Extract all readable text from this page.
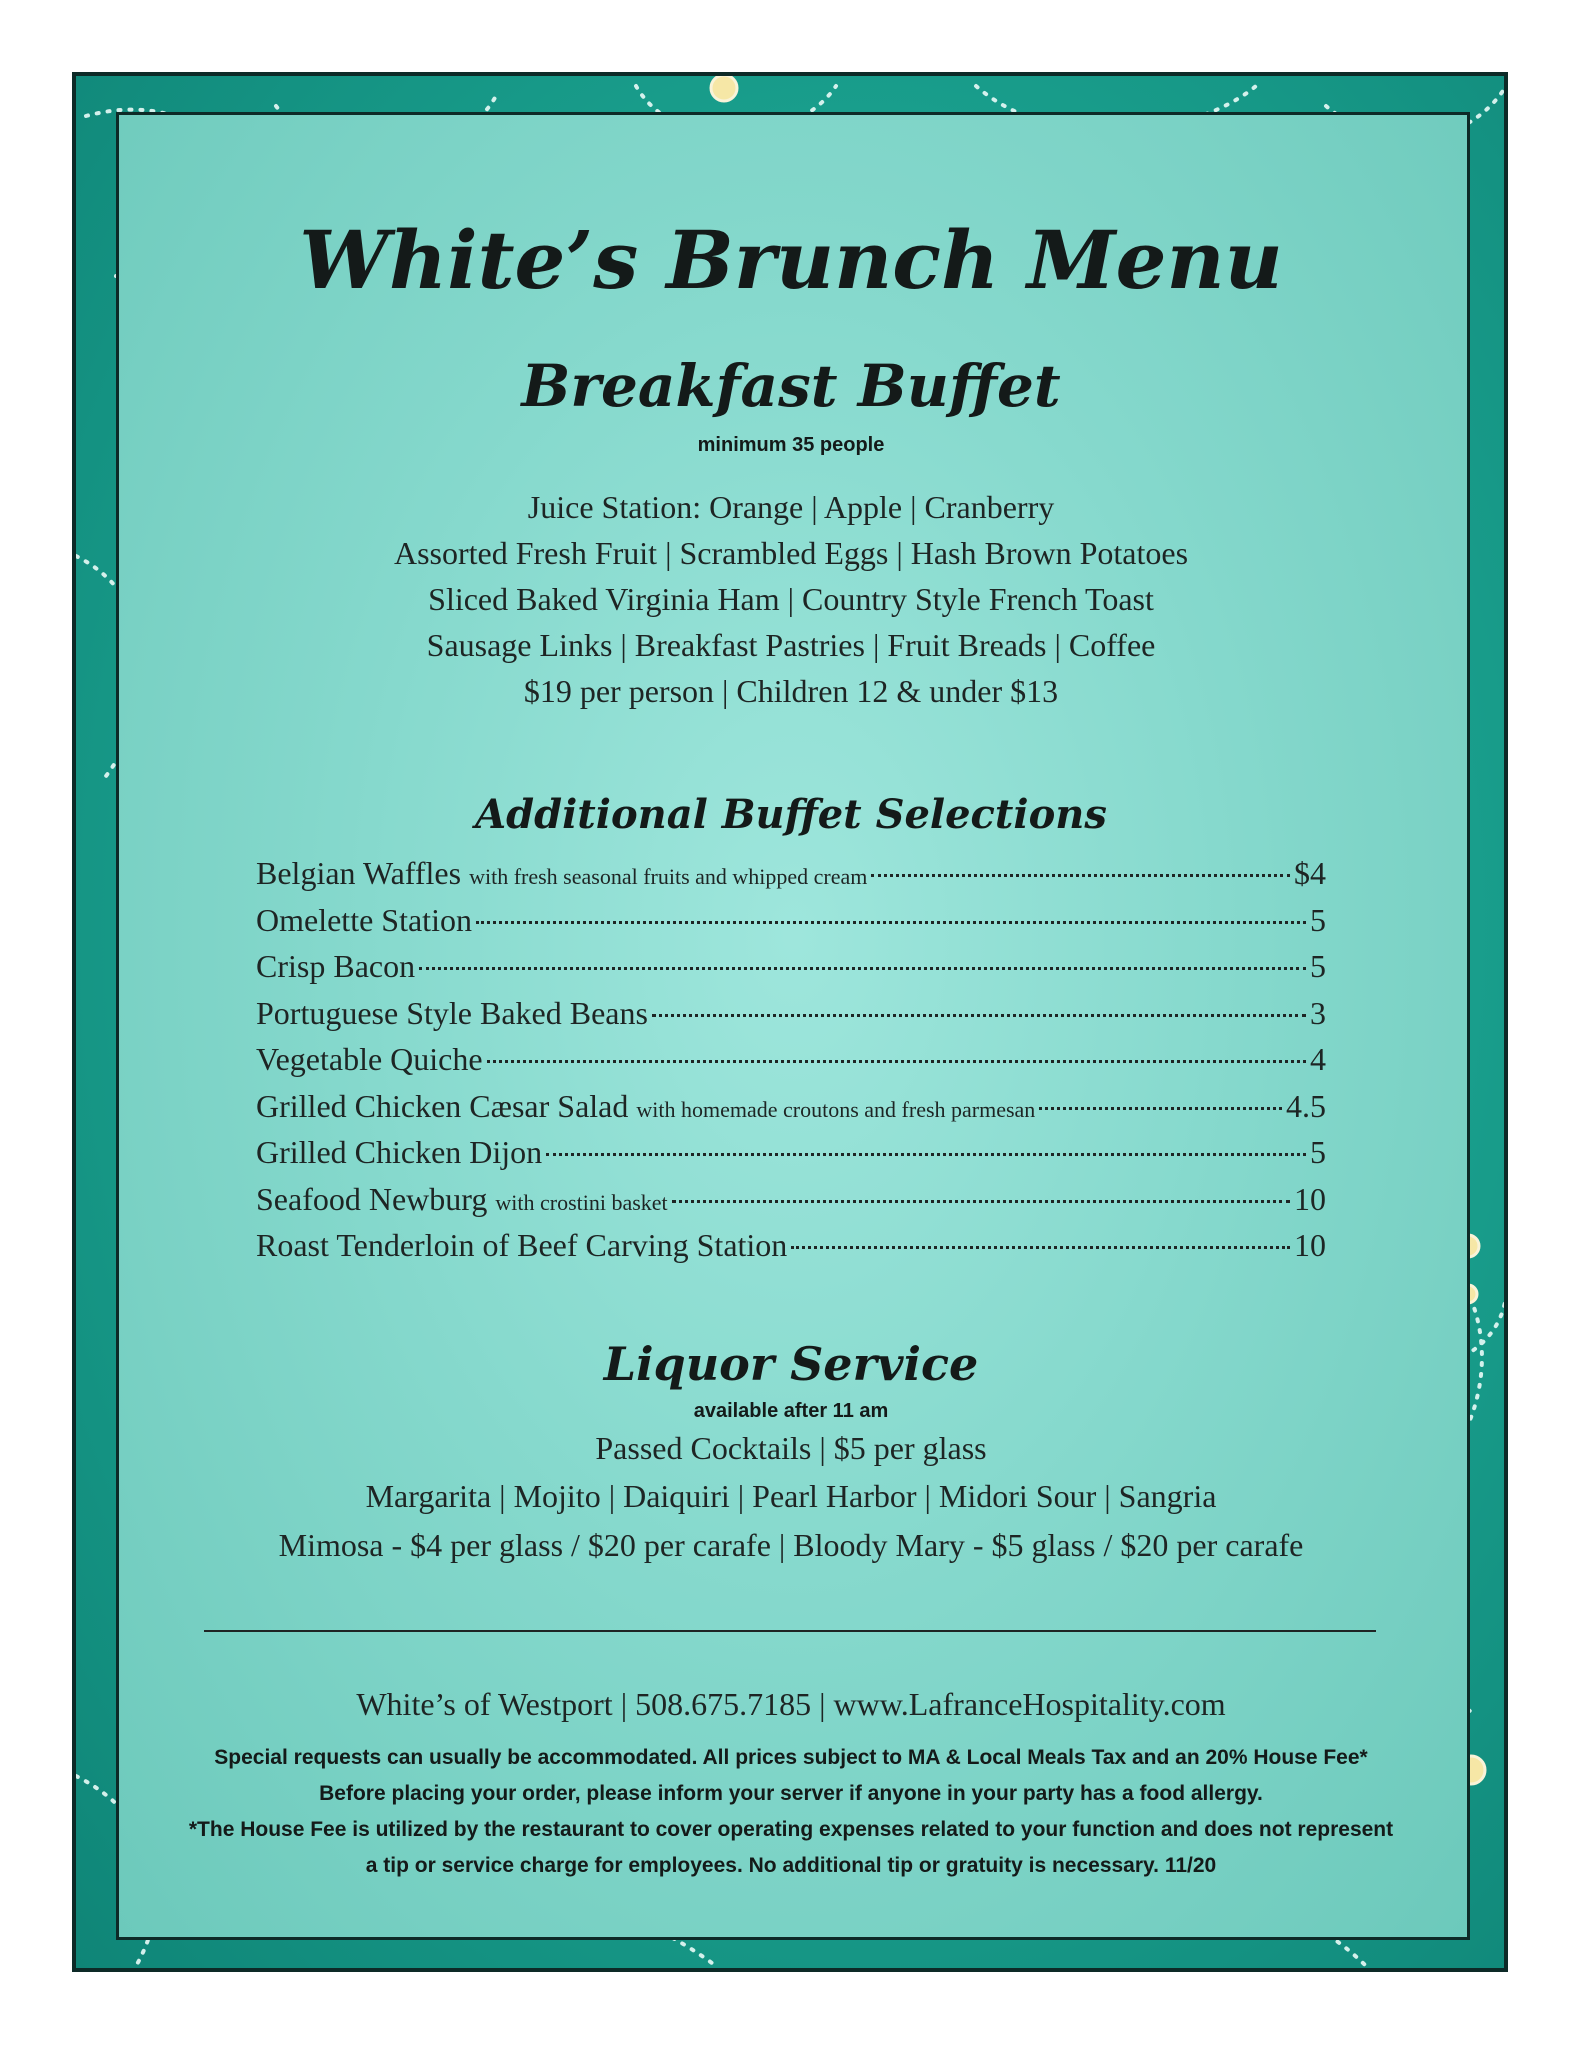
White’s Brunch Menu
Breakfast Buffet

minimum 35 people

Juice Station: Orange | Apple | Cranberry

Assorted Fresh Fruit | Scrambled Eggs | Hash Brown Potatoes

Sliced Baked Virginia Ham | Country Style French Toast

Sausage Links | Breakfast Pastries | Fruit Breads | Coffee

$19 per person | Children 12 & under $13

Additional Buffet Selections
Belgian Waffles with fresh seasonal fruits and whipped cream	$4
Omelette Station	5
Crisp Bacon	5
Portuguese Style Baked Beans	3
Vegetable Quiche	4
Grilled Chicken Cæsar Salad with homemade croutons and fresh parmesan	4.5
Grilled Chicken Dijon	5
Seafood Newburg with crostini basket	10
Roast Tenderloin of Beef Carving Station	10
Liquor Service

available after 11 am

Passed Cocktails | $5 per glass

Margarita | Mojito | Daiquiri | Pearl Harbor | Midori Sour | Sangria

Mimosa - $4 per glass / $20 per carafe | Bloody Mary - $5 glass / $20 per carafe

White’s of Westport | 508.675.7185 | www.LafranceHospitality.com

Special requests can usually be accommodated. All prices subject to MA & Local Meals Tax and an 20% House Fee*

Before placing your order, please inform your server if anyone in your party has a food allergy.

*The House Fee is utilized by the restaurant to cover operating expenses related to your function and does not represent

a tip or service charge for employees. No additional tip or gratuity is necessary. 11/20
